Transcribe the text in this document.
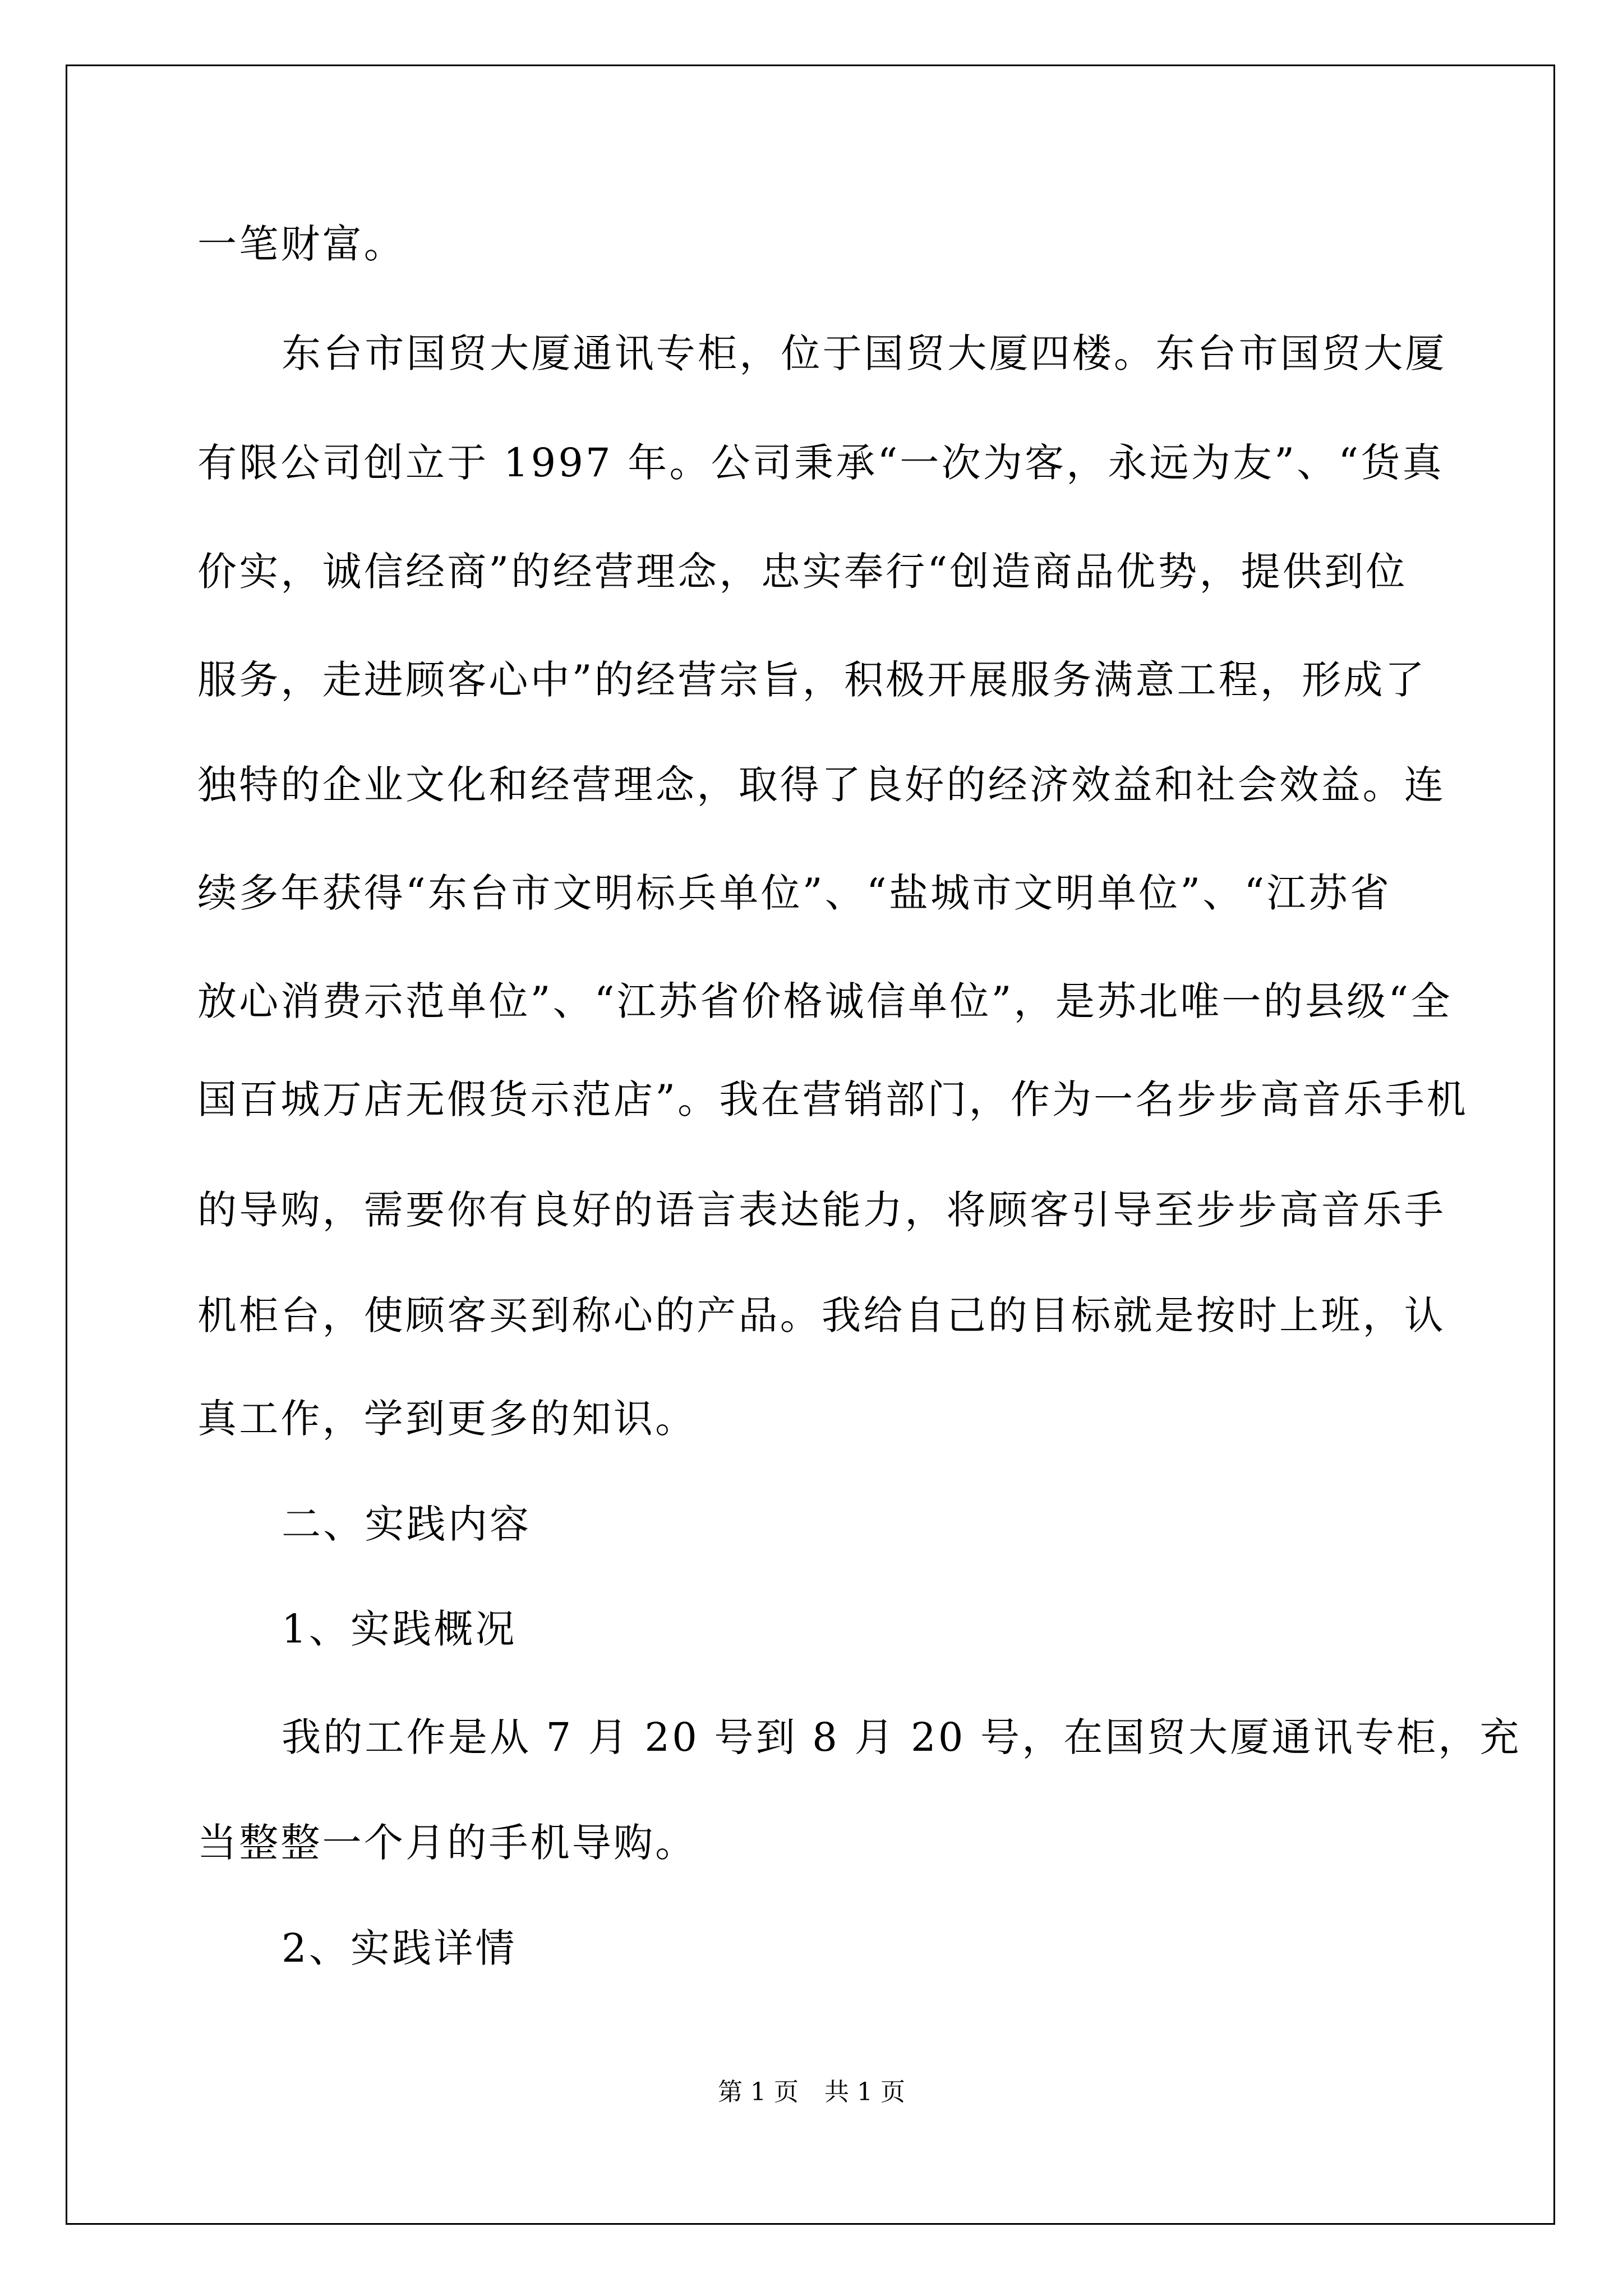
一笔财富。
东台市国贸大厦通讯专柜，位于国贸大厦四楼。东台市国贸大厦
有限公司创立于 1997 年。公司秉承“一次为客，永远为友”、“货真
价实，诚信经商”的经营理念，忠实奉行“创造商品优势，提供到位
服务，走进顾客心中”的经营宗旨，积极开展服务满意工程，形成了
独特的企业文化和经营理念，取得了良好的经济效益和社会效益。连
续多年获得“东台市文明标兵单位”、“盐城市文明单位”、“江苏省
放心消费示范单位”、“江苏省价格诚信单位”，是苏北唯一的县级“全
国百城万店无假货示范店”。我在营销部门，作为一名步步高音乐手机
的导购，需要你有良好的语言表达能力，将顾客引导至步步高音乐手
机柜台，使顾客买到称心的产品。我给自己的目标就是按时上班，认
真工作，学到更多的知识。
二、实践内容
1、实践概况
我的工作是从 7 月 20 号到 8 月 20 号，在国贸大厦通讯专柜，充
当整整一个月的手机导购。
2、实践详情
第 1 页 共 1 页
